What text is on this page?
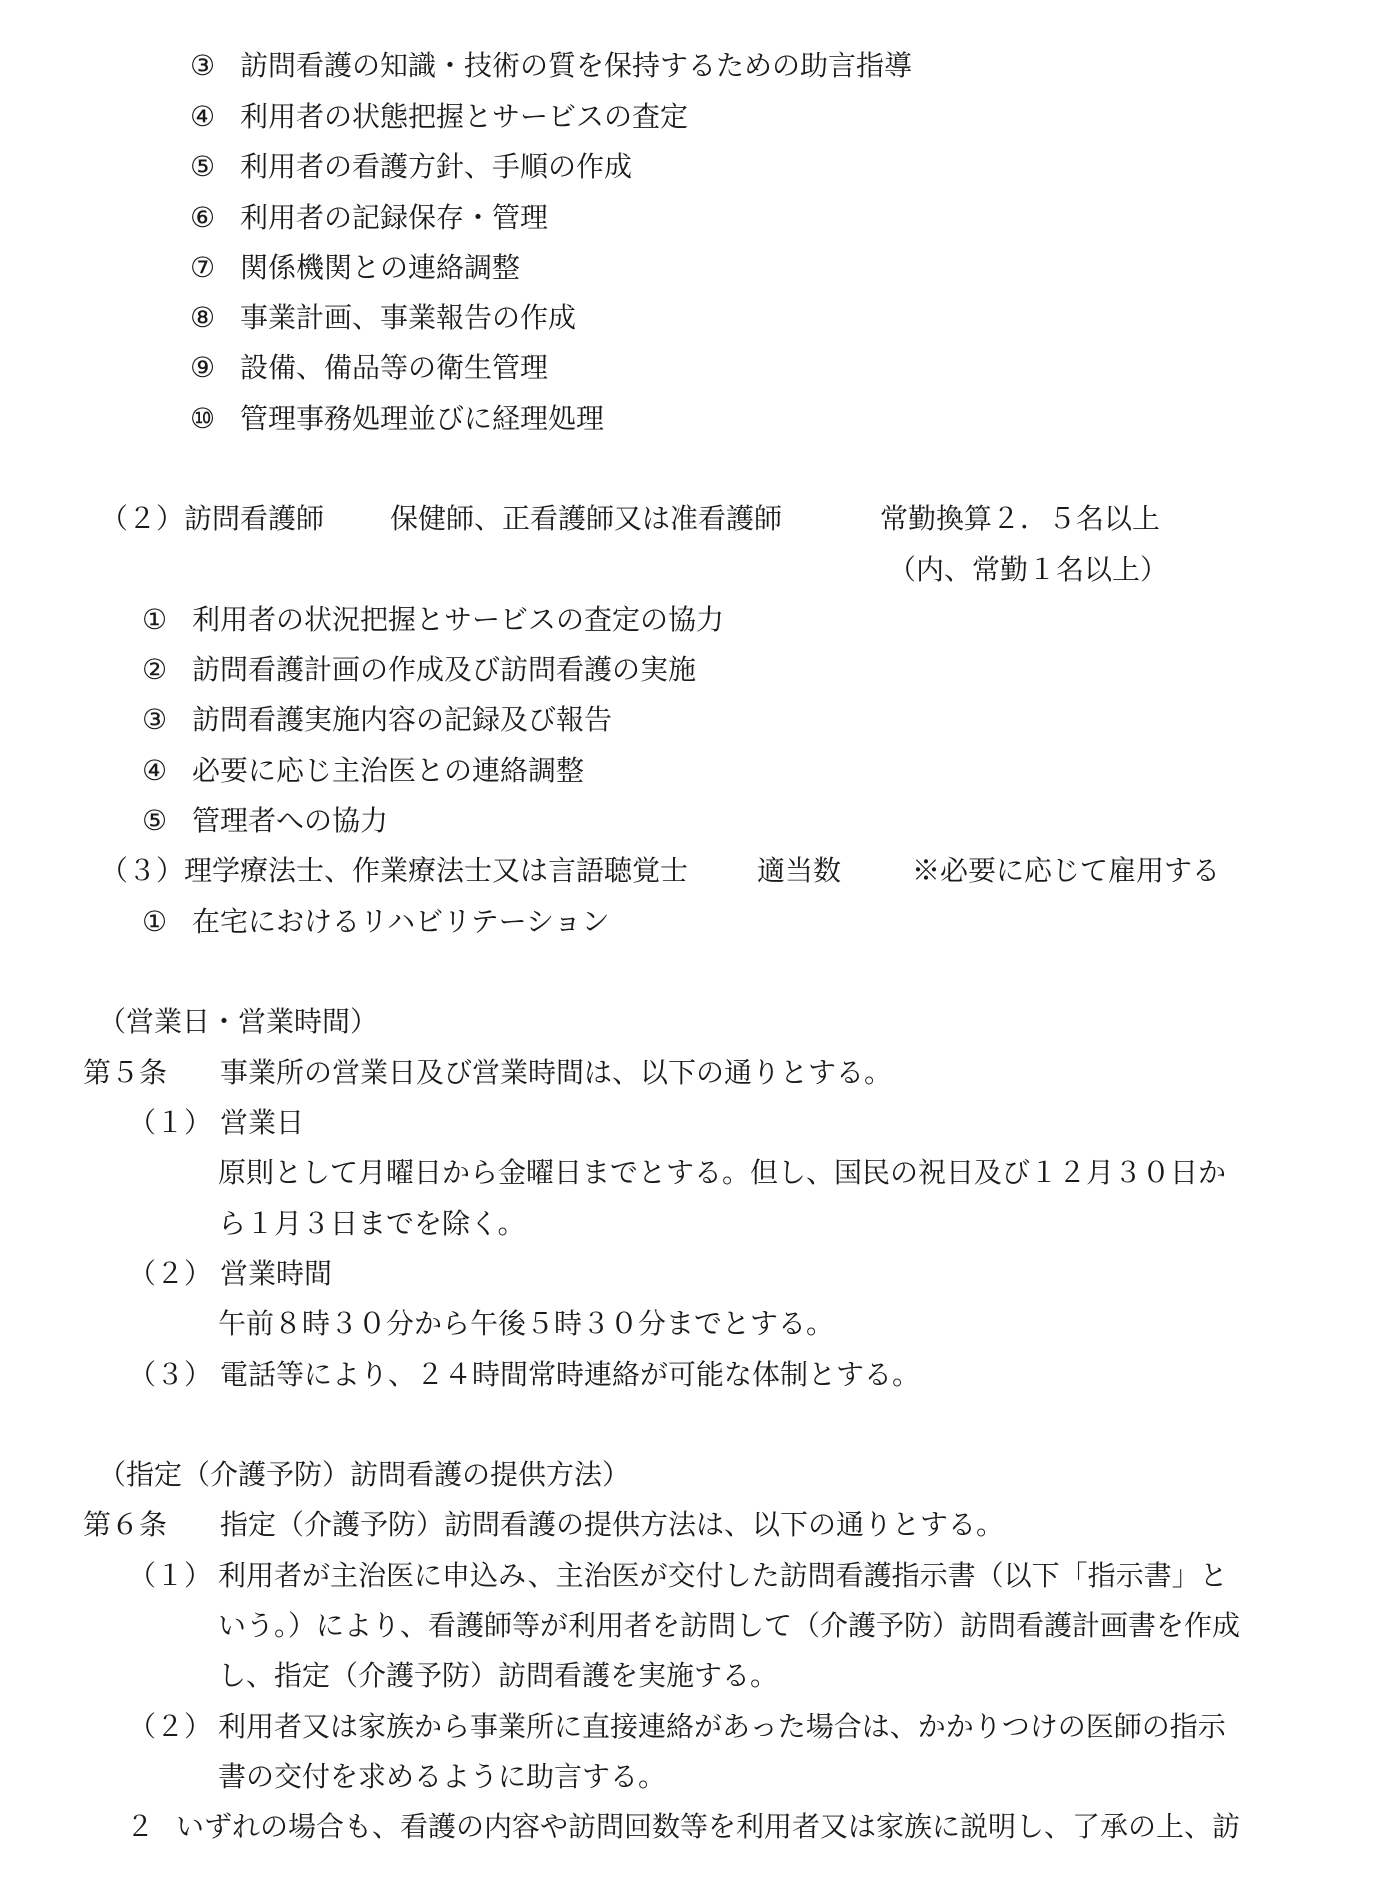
③ 訪問看護の知識・技術の質を保持するための助言指導
④ 利用者の状態把握とサービスの査定
⑤ 利用者の看護方針、手順の作成
⑥ 利用者の記録保存・管理
⑦ 関係機関との連絡調整
⑧ 事業計画、事業報告の作成
⑨ 設備、備品等の衛生管理
⑩ 管理事務処理並びに経理処理
（２）訪問看護師 保健師、正看護師又は准看護師	常勤換算２．５名以上
（内、常勤１名以上）
① 利用者の状況把握とサービスの査定の協力
② 訪問看護計画の作成及び訪問看護の実施
③ 訪問看護実施内容の記録及び報告
④ 必要に応じ主治医との連絡調整
⑤ 管理者への協力
（３）理学療法士、作業療法士又は言語聴覚士 適当数	※必要に応じて雇用する
① 在宅におけるリハビリテーション
（営業日・営業時間）
第５条 事業所の営業日及び営業時間は、以下の通りとする。
（１） 営業日
原則として月曜日から金曜日までとする。但し、国民の祝日及び１２月３０日か
ら１月３日までを除く。
（２） 営業時間
午前８時３０分から午後５時３０分までとする。
（３） 電話等により、２４時間常時連絡が可能な体制とする。
（指定（介護予防）訪問看護の提供方法）
第６条 指定（介護予防）訪問看護の提供方法は、以下の通りとする。
（１） 利用者が主治医に申込み、主治医が交付した訪問看護指示書（以下「指示書」と
いう。）により、看護師等が利用者を訪問して（介護予防）訪問看護計画書を作成
し、指定（介護予防）訪問看護を実施する。
（２） 利用者又は家族から事業所に直接連絡があった場合は、かかりつけの医師の指示
書の交付を求めるように助言する。
２ いずれの場合も、看護の内容や訪問回数等を利用者又は家族に説明し、了承の上、訪
